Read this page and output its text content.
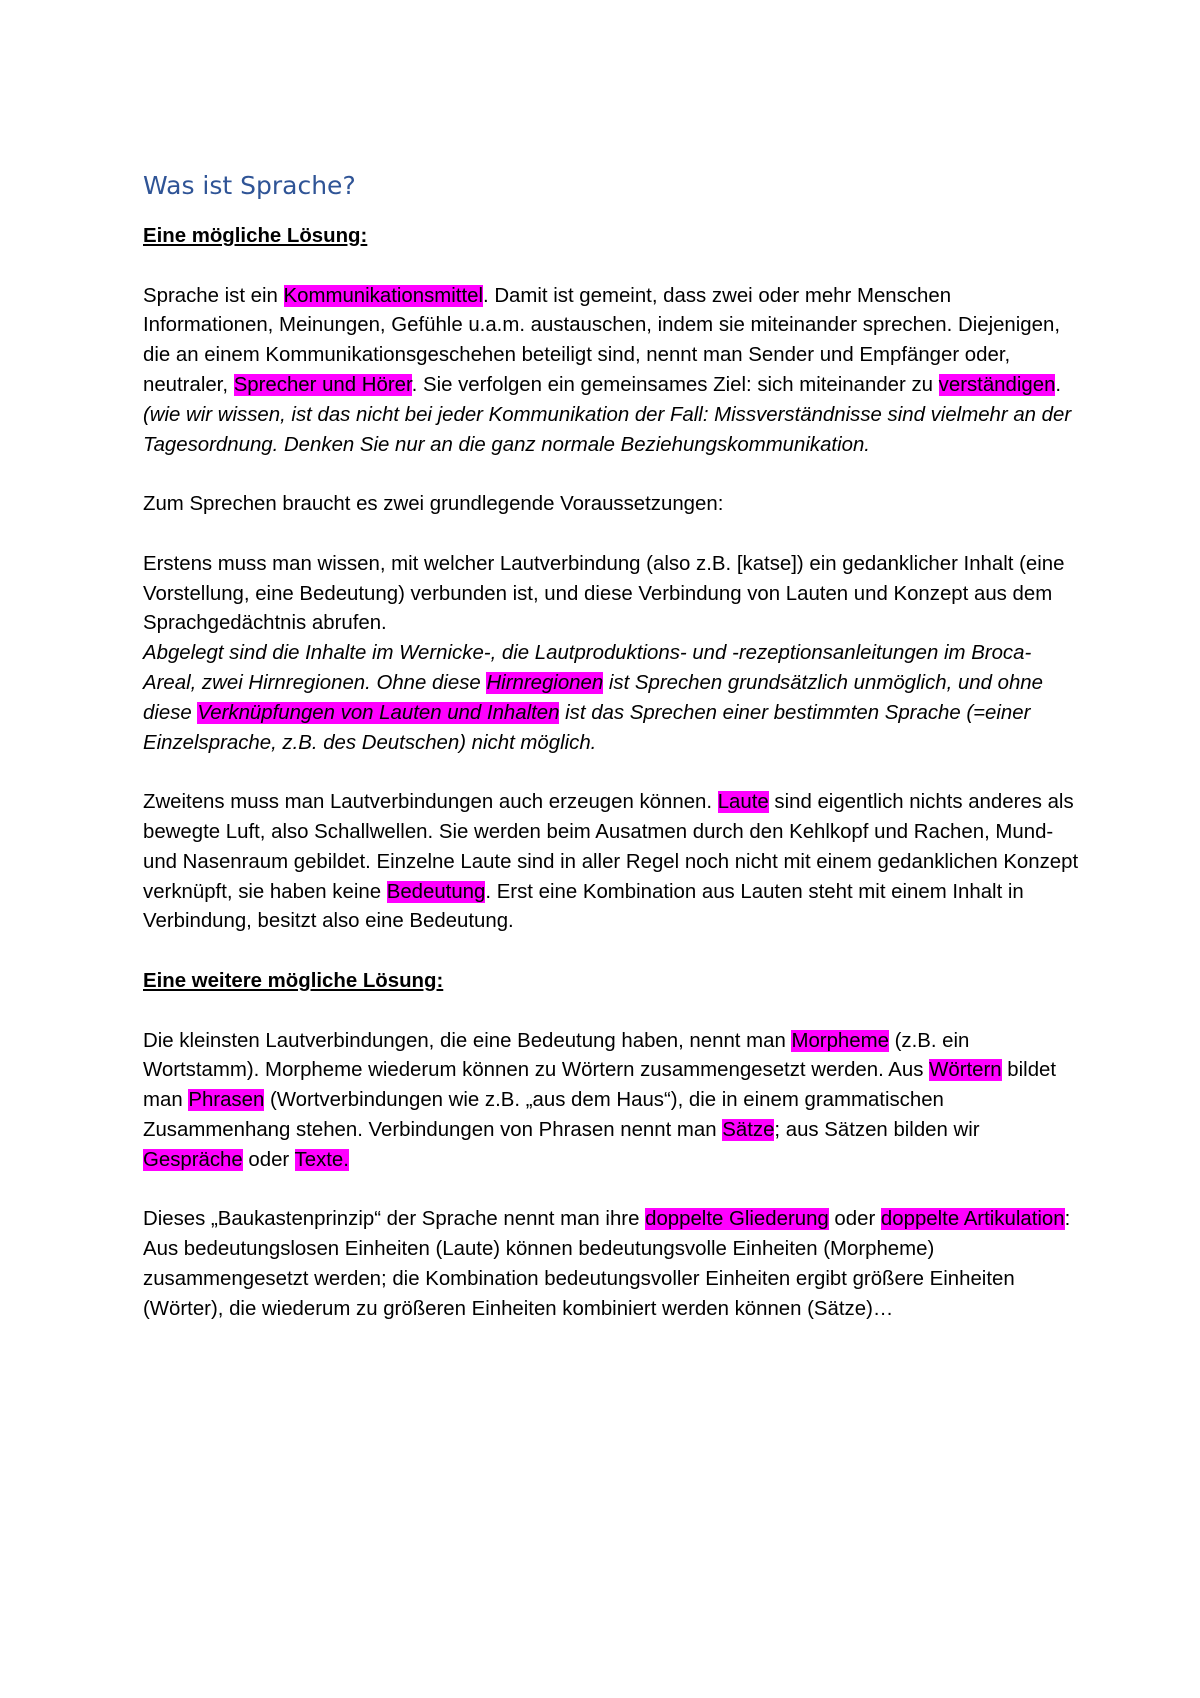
Was ist Sprache?

Eine mögliche Lösung:

Sprache ist ein Kommunikationsmittel. Damit ist gemeint, dass zwei oder mehr Menschen Informationen, Meinungen, Gefühle u.a.m. austauschen, indem sie miteinander sprechen. Diejenigen, die an einem Kommunikationsgeschehen beteiligt sind, nennt man Sender und Empfänger oder, neutraler, Sprecher und Hörer. Sie verfolgen ein gemeinsames Ziel: sich miteinander zu verständigen.

(wie wir wissen, ist das nicht bei jeder Kommunikation der Fall: Missverständnisse sind vielmehr an der Tagesordnung. Denken Sie nur an die ganz normale Beziehungskommunikation.

Zum Sprechen braucht es zwei grundlegende Voraussetzungen:

Erstens muss man wissen, mit welcher Lautverbindung (also z.B. [katse]) ein gedanklicher Inhalt (eine Vorstellung, eine Bedeutung) verbunden ist, und diese Verbindung von Lauten und Konzept aus dem Sprachgedächtnis abrufen.

Abgelegt sind die Inhalte im Wernicke-, die Lautproduktions- und -rezeptionsanleitungen im Broca-Areal, zwei Hirnregionen. Ohne diese Hirnregionen ist Sprechen grundsätzlich unmöglich, und ohne diese Verknüpfungen von Lauten und Inhalten ist das Sprechen einer bestimmten Sprache (=einer Einzelsprache, z.B. des Deutschen) nicht möglich.

Zweitens muss man Lautverbindungen auch erzeugen können. Laute sind eigentlich nichts anderes als bewegte Luft, also Schallwellen. Sie werden beim Ausatmen durch den Kehlkopf und Rachen, Mund- und Nasenraum gebildet. Einzelne Laute sind in aller Regel noch nicht mit einem gedanklichen Konzept verknüpft, sie haben keine Bedeutung. Erst eine Kombination aus Lauten steht mit einem Inhalt in Verbindung, besitzt also eine Bedeutung.

Eine weitere mögliche Lösung:

Die kleinsten Lautverbindungen, die eine Bedeutung haben, nennt man Morpheme (z.B. ein Wortstamm). Morpheme wiederum können zu Wörtern zusammengesetzt werden. Aus Wörtern bildet man Phrasen (Wortverbindungen wie z.B. „aus dem Haus“), die in einem grammatischen Zusammenhang stehen. Verbindungen von Phrasen nennt man Sätze; aus Sätzen bilden wir Gespräche oder Texte.

Dieses „Baukastenprinzip“ der Sprache nennt man ihre doppelte Gliederung oder doppelte Artikulation: Aus bedeutungslosen Einheiten (Laute) können bedeutungsvolle Einheiten (Morpheme) zusammengesetzt werden; die Kombination bedeutungsvoller Einheiten ergibt größere Einheiten (Wörter), die wiederum zu größeren Einheiten kombiniert werden können (Sätze)…
